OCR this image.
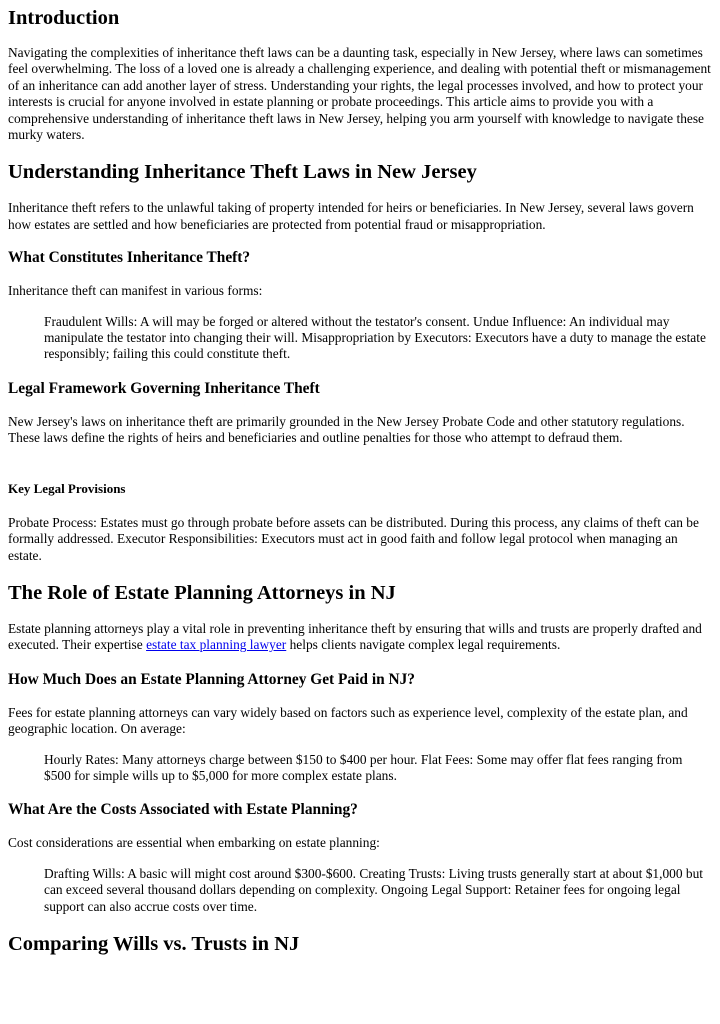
Introduction

Navigating the complexities of inheritance theft laws can be a daunting task, especially in New Jersey, where laws can sometimes feel overwhelming. The loss of a loved one is already a challenging experience, and dealing with potential theft or mismanagement of an inheritance can add another layer of stress. Understanding your rights, the legal processes involved, and how to protect your interests is crucial for anyone involved in estate planning or probate proceedings. This article aims to provide you with a comprehensive understanding of inheritance theft laws in New Jersey, helping you arm yourself with knowledge to navigate these murky waters.

Understanding Inheritance Theft Laws in New Jersey

Inheritance theft refers to the unlawful taking of property intended for heirs or beneficiaries. In New Jersey, several laws govern how estates are settled and how beneficiaries are protected from potential fraud or misappropriation.

What Constitutes Inheritance Theft?

Inheritance theft can manifest in various forms:

Fraudulent Wills: A will may be forged or altered without the testator's consent. Undue Influence: An individual may manipulate the testator into changing their will. Misappropriation by Executors: Executors have a duty to manage the estate responsibly; failing this could constitute theft.
Legal Framework Governing Inheritance Theft

New Jersey's laws on inheritance theft are primarily grounded in the New Jersey Probate Code and other statutory regulations. These laws define the rights of heirs and beneficiaries and outline penalties for those who attempt to defraud them.

Key Legal Provisions

Probate Process: Estates must go through probate before assets can be distributed. During this process, any claims of theft can be formally addressed. Executor Responsibilities: Executors must act in good faith and follow legal protocol when managing an estate.

The Role of Estate Planning Attorneys in NJ

Estate planning attorneys play a vital role in preventing inheritance theft by ensuring that wills and trusts are properly drafted and executed. Their expertise estate tax planning lawyer helps clients navigate complex legal requirements.

How Much Does an Estate Planning Attorney Get Paid in NJ?

Fees for estate planning attorneys can vary widely based on factors such as experience level, complexity of the estate plan, and geographic location. On average:

Hourly Rates: Many attorneys charge between $150 to $400 per hour. Flat Fees: Some may offer flat fees ranging from $500 for simple wills up to $5,000 for more complex estate plans.
What Are the Costs Associated with Estate Planning?

Cost considerations are essential when embarking on estate planning:

Drafting Wills: A basic will might cost around $300-$600. Creating Trusts: Living trusts generally start at about $1,000 but can exceed several thousand dollars depending on complexity. Ongoing Legal Support: Retainer fees for ongoing legal support can also accrue costs over time.
Comparing Wills vs. Trusts in NJ
